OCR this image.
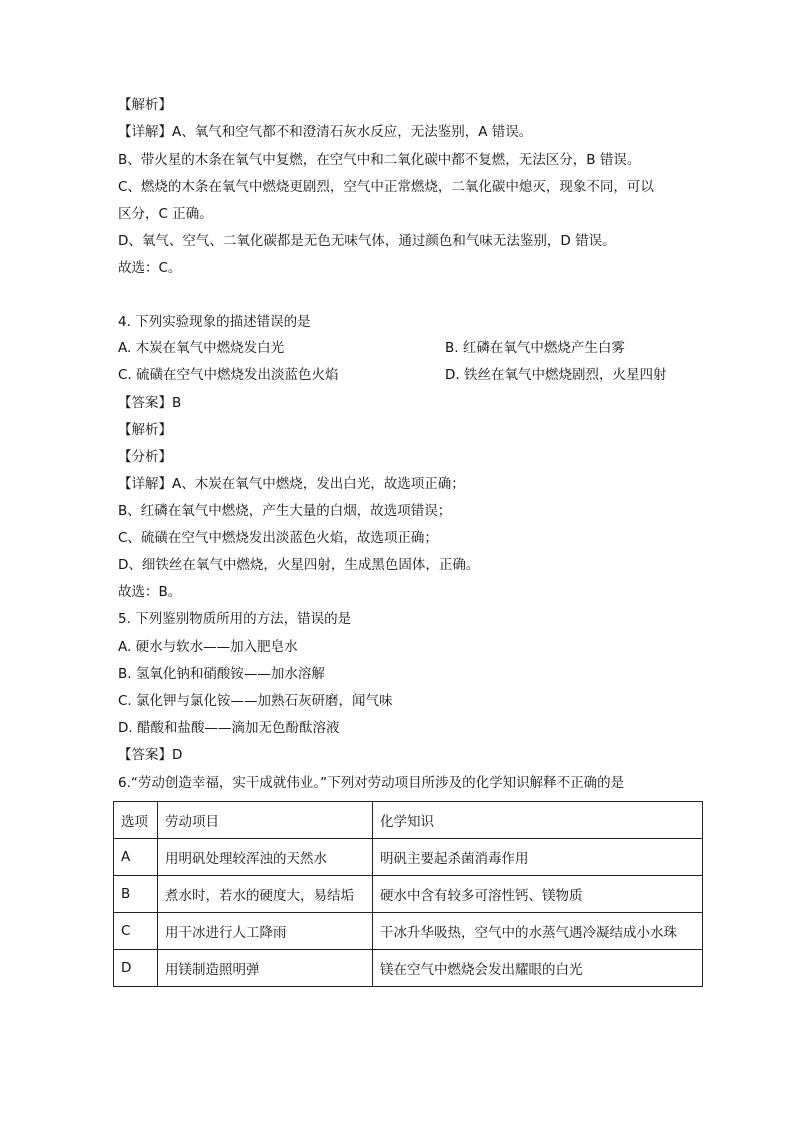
【解析】
【详解】A、氧气和空气都不和澄清石灰水反应，无法鉴别，A 错误。
B、带火星的木条在氧气中复燃，在空气中和二氧化碳中都不复燃，无法区分，B 错误。
C、燃烧的木条在氧气中燃烧更剧烈，空气中正常燃烧，二氧化碳中熄灭，现象不同，可以
区分，C 正确。
D、氧气、空气、二氧化碳都是无色无味气体，通过颜色和气味无法鉴别，D 错误。
故选：C。
4. 下列实验现象的描述错误的是
A. 木炭在氧气中燃烧发白光	B. 红磷在氧气中燃烧产生白雾
C. 硫磺在空气中燃烧发出淡蓝色火焰	D. 铁丝在氧气中燃烧剧烈，火星四射
【答案】B
【解析】
【分析】
【详解】A、木炭在氧气中燃烧，发出白光，故选项正确；
B、红磷在氧气中燃烧，产生大量的白烟，故选项错误；
C、硫磺在空气中燃烧发出淡蓝色火焰，故选项正确；
D、细铁丝在氧气中燃烧，火星四射，生成黑色固体，正确。
故选：B。
5. 下列鉴别物质所用的方法，错误的是
A. 硬水与软水——加入肥皂水
B. 氢氧化钠和硝酸铵——加水溶解
C. 氯化钾与氯化铵——加熟石灰研磨，闻气味
D. 醋酸和盐酸——滴加无色酚酞溶液
【答案】D
6.“劳动创造幸福，实干成就伟业。”下列对劳动项目所涉及的化学知识解释不正确的是
选项	劳动项目	化学知识
A	用明矾处理较浑浊的天然水	明矾主要起杀菌消毒作用
B	煮水时，若水的硬度大，易结垢	硬水中含有较多可溶性钙、镁物质
C	用干冰进行人工降雨	干冰升华吸热，空气中的水蒸气遇冷凝结成小水珠
D	用镁制造照明弹	镁在空气中燃烧会发出耀眼的白光
